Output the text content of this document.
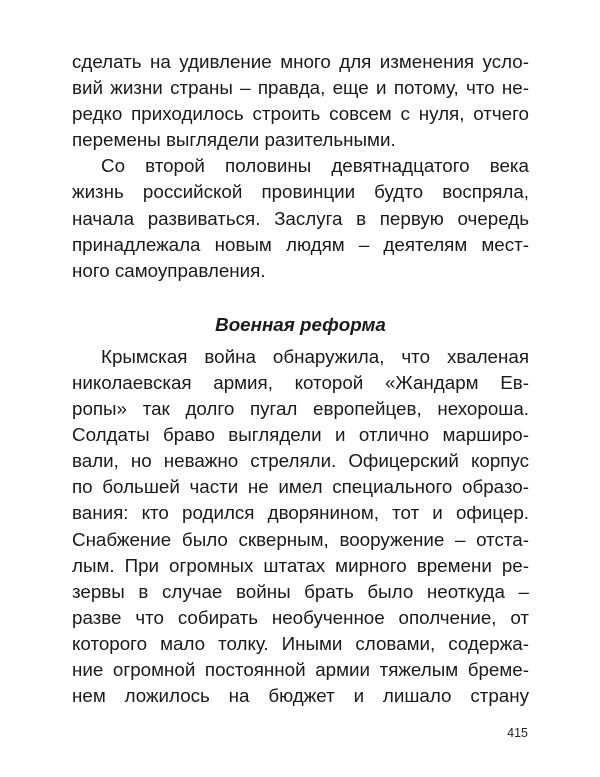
сделать на удивление много для изменения усло-
вий жизни страны – правда, еще и потому, что не-
редко приходилось строить совсем с нуля, отчего
перемены выглядели разительными.
Со второй половины девятнадцатого века
жизнь российской провинции будто воспряла,
начала развиваться. Заслуга в первую очередь
принадлежала новым людям – деятелям мест-
ного самоуправления.
Военная реформа
Крымская война обнаружила, что хваленая
николаевская армия, которой «Жандарм Ев-
ропы» так долго пугал европейцев, нехороша.
Солдаты браво выглядели и отлично марширо-
вали, но неважно стреляли. Офицерский корпус
по большей части не имел специального образо-
вания: кто родился дворянином, тот и офицер.
Снабжение было скверным, вооружение – отста-
лым. При огромных штатах мирного времени ре-
зервы в случае войны брать было неоткуда –
разве что собирать необученное ополчение, от
которого мало толку. Иными словами, содержа-
ние огромной постоянной армии тяжелым бреме-
нем ложилось на бюджет и лишало страну
415
